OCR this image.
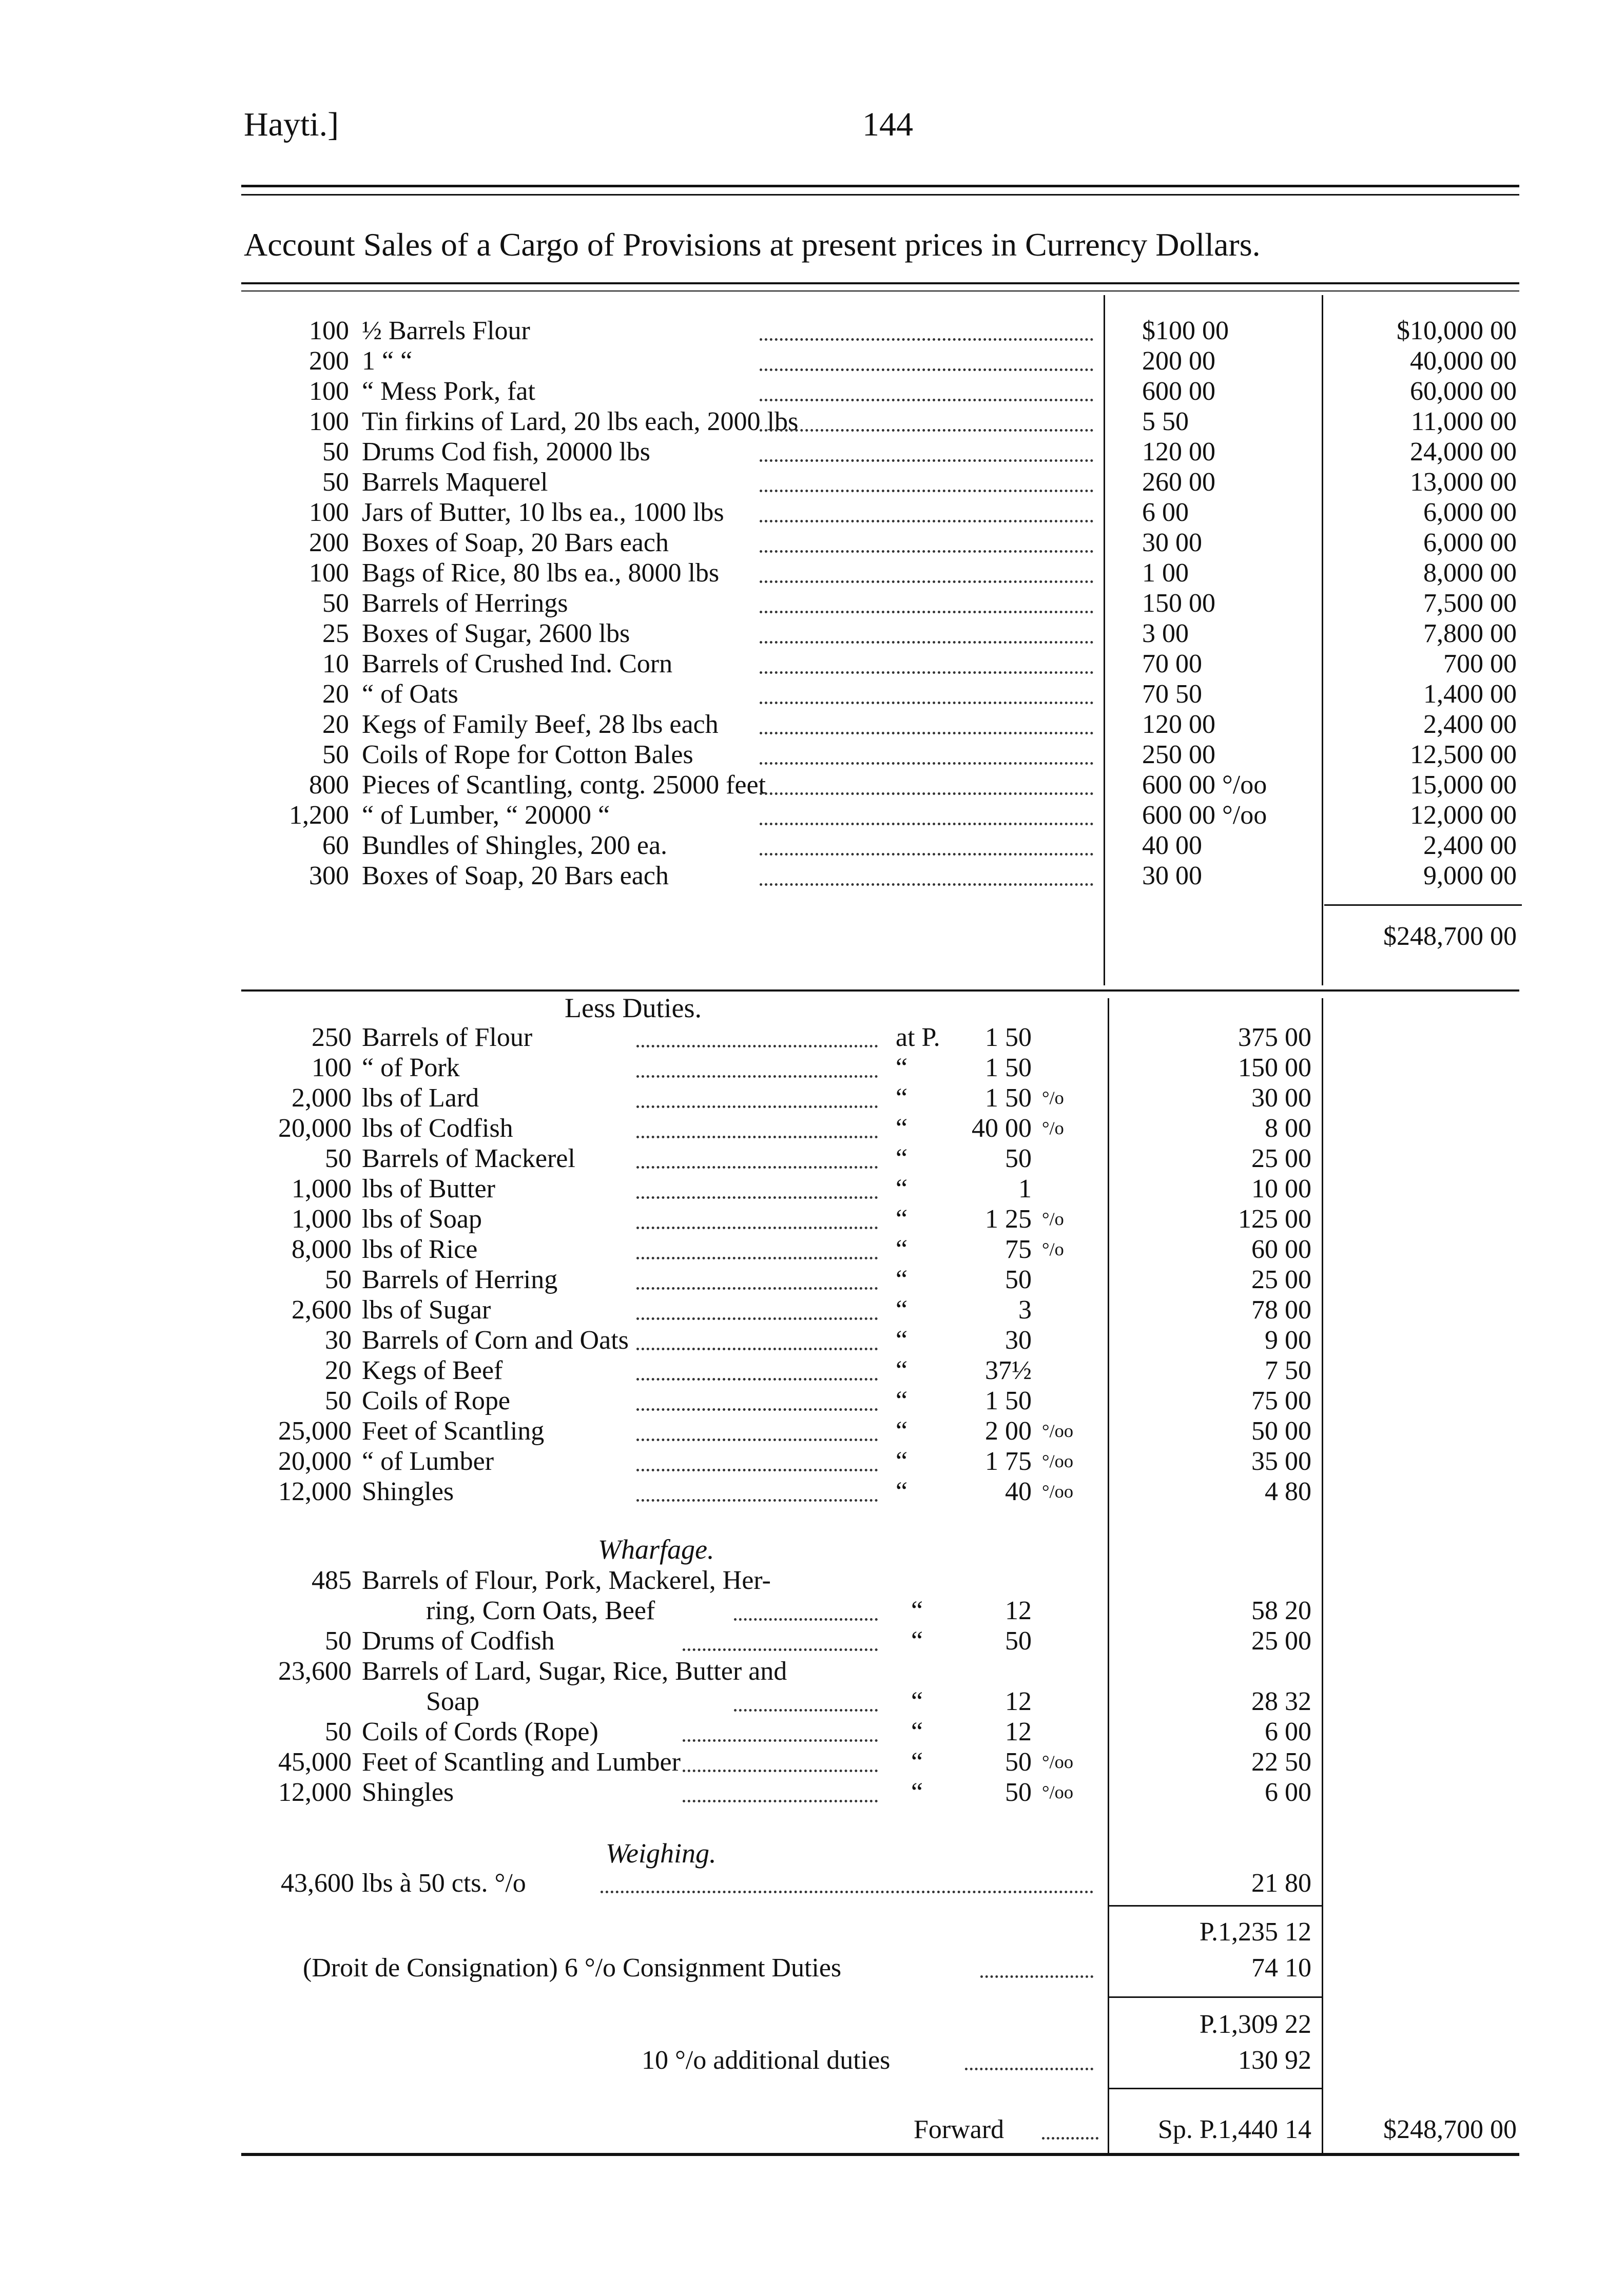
Hayti.]	144
Account Sales of a Cargo of Provisions at present prices in Currency Dollars.
100 ½ Barrels Flour	$100 00	$10,000 00
200 1 “ “	200 00	40,000 00
100 “ Mess Pork, fat	600 00	60,000 00
100 Tin firkins of Lard, 20 lbs each, 2000 lbs	5 50	11,000 00
50 Drums Cod fish, 20000 lbs	120 00	24,000 00
50 Barrels Maquerel	260 00	13,000 00
100 Jars of Butter, 10 lbs ea., 1000 lbs	6 00	6,000 00
200 Boxes of Soap, 20 Bars each	30 00	6,000 00
100 Bags of Rice, 80 lbs ea., 8000 lbs	1 00	8,000 00
50 Barrels of Herrings	150 00	7,500 00
25 Boxes of Sugar, 2600 lbs	3 00	7,800 00
10 Barrels of Crushed Ind. Corn	70 00	700 00
20 “ of Oats	70 50	1,400 00
20 Kegs of Family Beef, 28 lbs each	120 00	2,400 00
50 Coils of Rope for Cotton Bales	250 00	12,500 00
800 Pieces of Scantling, contg. 25000 feet	600 00 °/oo	15,000 00
1,200 “ of Lumber, “ 20000 “	600 00 °/oo	12,000 00
60 Bundles of Shingles, 200 ea.	40 00	2,400 00
300 Boxes of Soap, 20 Bars each	30 00	9,000 00
$248,700 00
Less Duties.
250 Barrels of Flour	at P.	1 50	375 00
100 “ of Pork	“	1 50	150 00
2,000 lbs of Lard	“	1 50 °/o	30 00
20,000 lbs of Codfish	“	40 00 °/o	8 00
50 Barrels of Mackerel	“	50	25 00
1,000 lbs of Butter	“	1	10 00
1,000 lbs of Soap	“	1 25 °/o	125 00
8,000 lbs of Rice	“	75 °/o	60 00
50 Barrels of Herring	“	50	25 00
2,600 lbs of Sugar	“	3	78 00
30 Barrels of Corn and Oats	“	30	9 00
20 Kegs of Beef	“	37½	7 50
50 Coils of Rope	“	1 50	75 00
25,000 Feet of Scantling	“	2 00 °/oo	50 00
20,000 “ of Lumber	“	1 75 °/oo	35 00
12,000 Shingles	“	40 °/oo	4 80
Wharfage.
485 Barrels of Flour, Pork, Mackerel, Her-
ring, Corn Oats, Beef	“	12	58 20
50 Drums of Codfish	“	50	25 00
23,600 Barrels of Lard, Sugar, Rice, Butter and
Soap	“	12	28 32
50 Coils of Cords (Rope)	“	12	6 00
45,000 Feet of Scantling and Lumber	“	50 °/oo	22 50
12,000 Shingles	“	50 °/oo	6 00
Weighing.
43,600 lbs à 50 cts. °/o	21 80
P.1,235 12
(Droit de Consignation) 6 °/o Consignment Duties	74 10
P.1,309 22
10 °/o additional duties	130 92
Forward	Sp. P.1,440 14	$248,700 00
